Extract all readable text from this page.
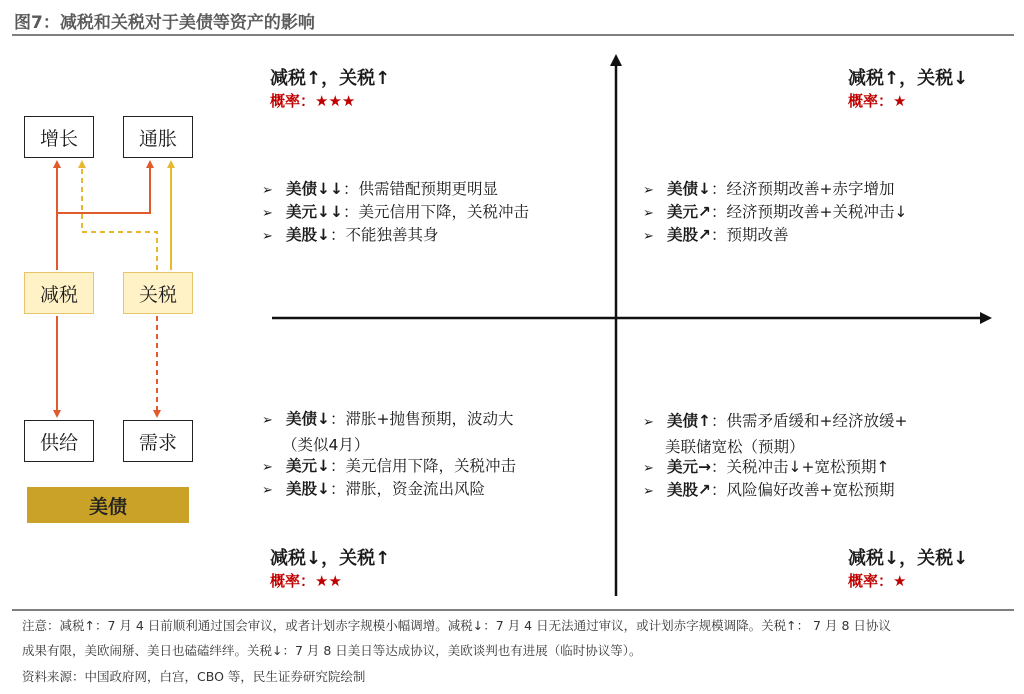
图7：减税和关税对于美债等资产的影响
增长	通胀
减税	关税
供给	需求
美债
减税↑，关税↑
概率：★★★
减税↑，关税↓
概率：★
减税↓，关税↑
概率：★★
减税↓，关税↓
概率：★
➢ 美债↓↓：供需错配预期更明显
➢ 美元↓↓：美元信用下降，关税冲击
➢ 美股↓：不能独善其身
➢ 美债↓：经济预期改善+赤字增加
➢ 美元↗：经济预期改善+关税冲击↓
➢ 美股↗：预期改善
➢ 美债↓：滞胀+抛售预期，波动大
（类似4月）
➢ 美元↓：美元信用下降，关税冲击
➢ 美股↓：滞胀，资金流出风险
➢ 美债↑：供需矛盾缓和+经济放缓+
美联储宽松（预期）
➢ 美元→：关税冲击↓+宽松预期↑
➢ 美股↗：风险偏好改善+宽松预期
注意：减税↑：7 月 4 日前顺利通过国会审议，或者计划赤字规模小幅调增。减税↓：7 月 4 日无法通过审议，或计划赤字规模调降。关税↑： 7 月 8 日协议
成果有限，美欧闹掰、美日也磕磕绊绊。关税↓：7 月 8 日美日等达成协议，美欧谈判也有进展（临时协议等）。
资料来源：中国政府网，白宫，CBO 等，民生证券研究院绘制
